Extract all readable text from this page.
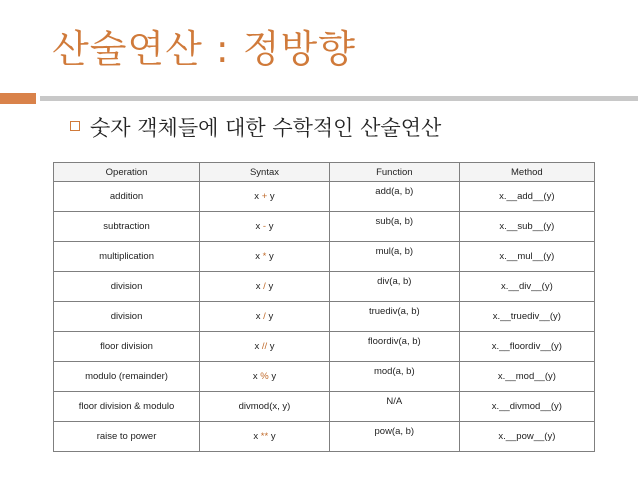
산술연산 : 정방향
숫자 객체들에 대한 수학적인 산술연산
Operation	Syntax	Function	Method
addition	x + y	add(a, b)	x.__add__(y)
subtraction	x - y	sub(a, b)	x.__sub__(y)
multiplication	x * y	mul(a, b)	x.__mul__(y)
division	x / y	div(a, b)	x.__div__(y)
division	x / y	truediv(a, b)	x.__truediv__(y)
floor division	x // y	floordiv(a, b)	x.__floordiv__(y)
modulo (remainder)	x % y	mod(a, b)	x.__mod__(y)
floor division & modulo	divmod(x, y)	N/A	x.__divmod__(y)
raise to power	x ** y	pow(a, b)	x.__pow__(y)
